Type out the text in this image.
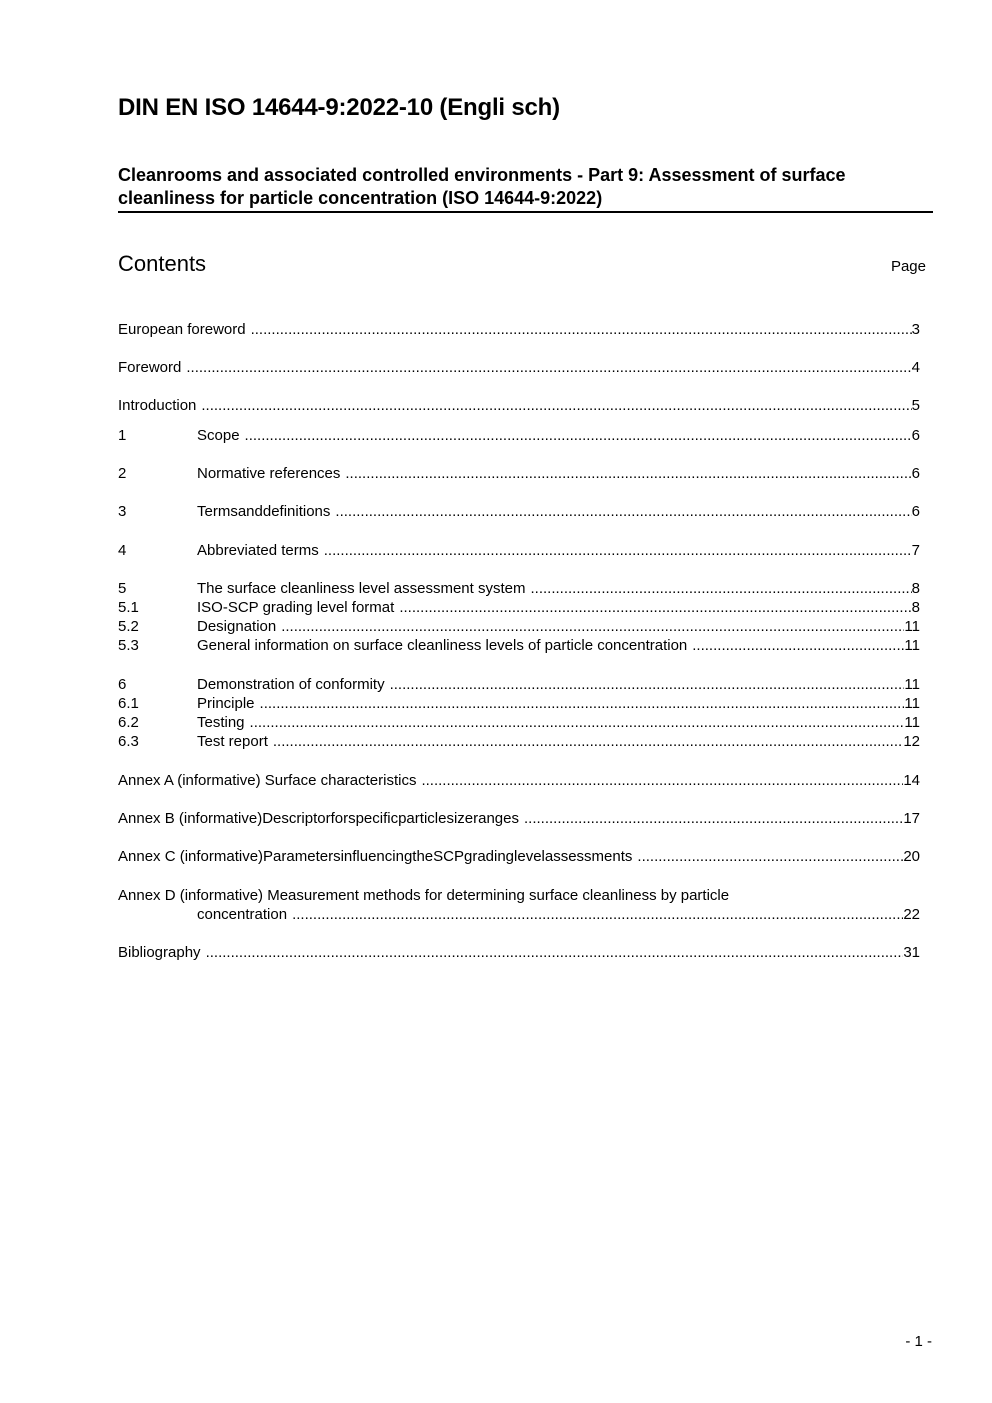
DIN EN ISO 14644-9:2022-10 (Engli sch)
Cleanrooms and associated controlled environments - Part 9: Assessment of surface cleanliness for particle concentration (ISO 14644-9:2022)
Contents	Page
European foreword .....	3
Foreword .....	4
Introduction .....	5
1	Scope .....	6
2	Normative references .....	6
3	Termsanddefinitions .....	6
4	Abbreviated terms .....	7
5	The surface cleanliness level assessment system .....	8
5.1	ISO-SCP grading level format .....	8
5.2	Designation .....	11
5.3	General information on surface cleanliness levels of particle concentration .....	11
6	Demonstration of conformity .....	11
6.1	Principle .....	11
6.2	Testing .....	11
6.3	Test report .....	12
Annex A (informative) Surface characteristics .....	14
Annex B (informative)Descriptorforspecificparticlesizeranges .....	17
Annex C (informative)ParametersinfluencingtheSCPgradinglevelassessments .....	20
Annex D (informative) Measurement methods for determining surface cleanliness by particle
concentration .....	22
Bibliography .....	31
- 1 -
